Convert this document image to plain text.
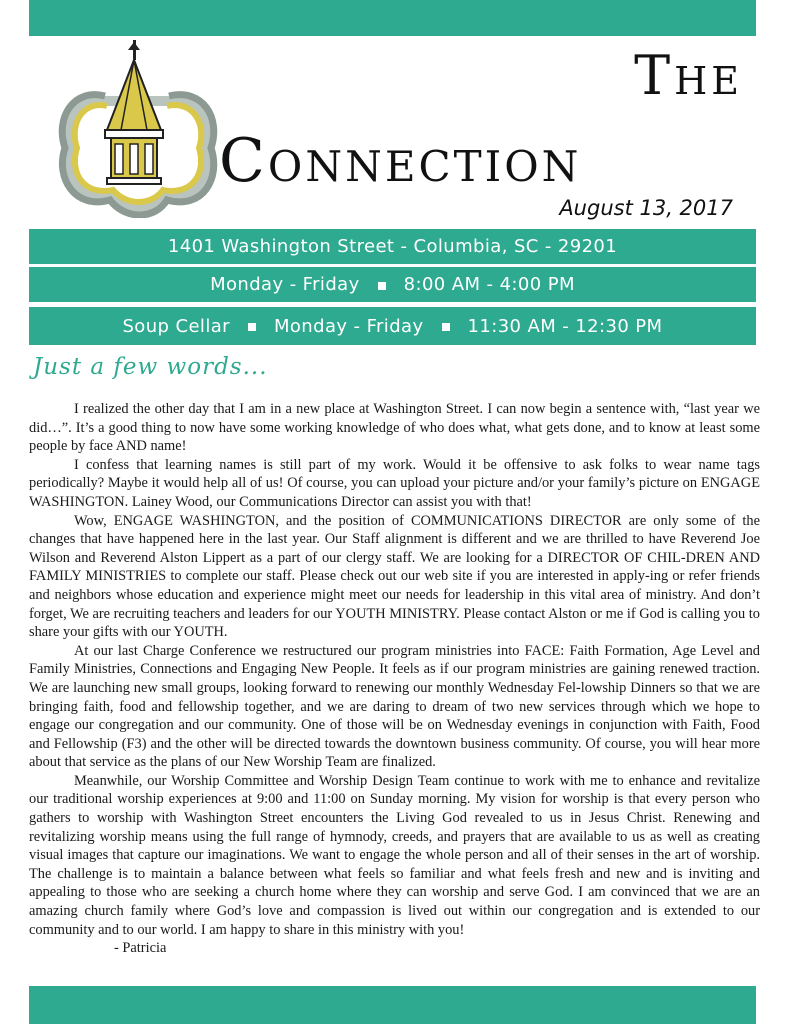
The
Connection
August 13, 2017
1401 Washington Street - Columbia, SC - 29201
Monday - Friday 8:00 AM - 4:00 PM
Soup Cellar Monday - Friday 11:30 AM - 12:30 PM
Just a few words...

I realized the other day that I am in a new place at Washington Street. I can now begin a sentence with, “last year we did…”. It’s a good thing to now have some working knowledge of who does what, what gets done, and to know at least some people by face AND name!

I confess that learning names is still part of my work. Would it be offensive to ask folks to wear name tags periodically? Maybe it would help all of us! Of course, you can upload your picture and/or your family’s picture on ENGAGE WASHINGTON. Lainey Wood, our Communications Director can assist you with that!

Wow, ENGAGE WASHINGTON, and the position of COMMUNICATIONS DIRECTOR are only some of the changes that have happened here in the last year. Our Staff alignment is different and we are thrilled to have Reverend Joe Wilson and Reverend Alston Lippert as a part of our clergy staff. We are looking for a DIRECTOR OF CHIL-DREN AND FAMILY MINISTRIES to complete our staff. Please check out our web site if you are interested in apply-ing or refer friends and neighbors whose education and experience might meet our needs for leadership in this vital area of ministry. And don’t forget, We are recruiting teachers and leaders for our YOUTH MINISTRY. Please contact Alston or me if God is calling you to share your gifts with our YOUTH.

At our last Charge Conference we restructured our program ministries into FACE: Faith Formation, Age Level and Family Ministries, Connections and Engaging New People. It feels as if our program ministries are gaining renewed traction. We are launching new small groups, looking forward to renewing our monthly Wednesday Fel-lowship Dinners so that we are bringing faith, food and fellowship together, and we are daring to dream of two new services through which we hope to engage our congregation and our community. One of those will be on Wednesday evenings in conjunction with Faith, Food and Fellowship (F3) and the other will be directed towards the downtown business community. Of course, you will hear more about that service as the plans of our New Worship Team are finalized.

Meanwhile, our Worship Committee and Worship Design Team continue to work with me to enhance and revitalize our traditional worship experiences at 9:00 and 11:00 on Sunday morning. My vision for worship is that every person who gathers to worship with Washington Street encounters the Living God revealed to us in Jesus Christ. Renewing and revitalizing worship means using the full range of hymnody, creeds, and prayers that are available to us as well as creating visual images that capture our imaginations. We want to engage the whole person and all of their senses in the art of worship. The challenge is to maintain a balance between what feels so familiar and what feels fresh and new and is inviting and appealing to those who are seeking a church home where they can worship and serve God. I am convinced that we are an amazing church family where God’s love and compassion is lived out within our congregation and is extended to our community and to our world. I am happy to share in this ministry with you!

- Patricia
